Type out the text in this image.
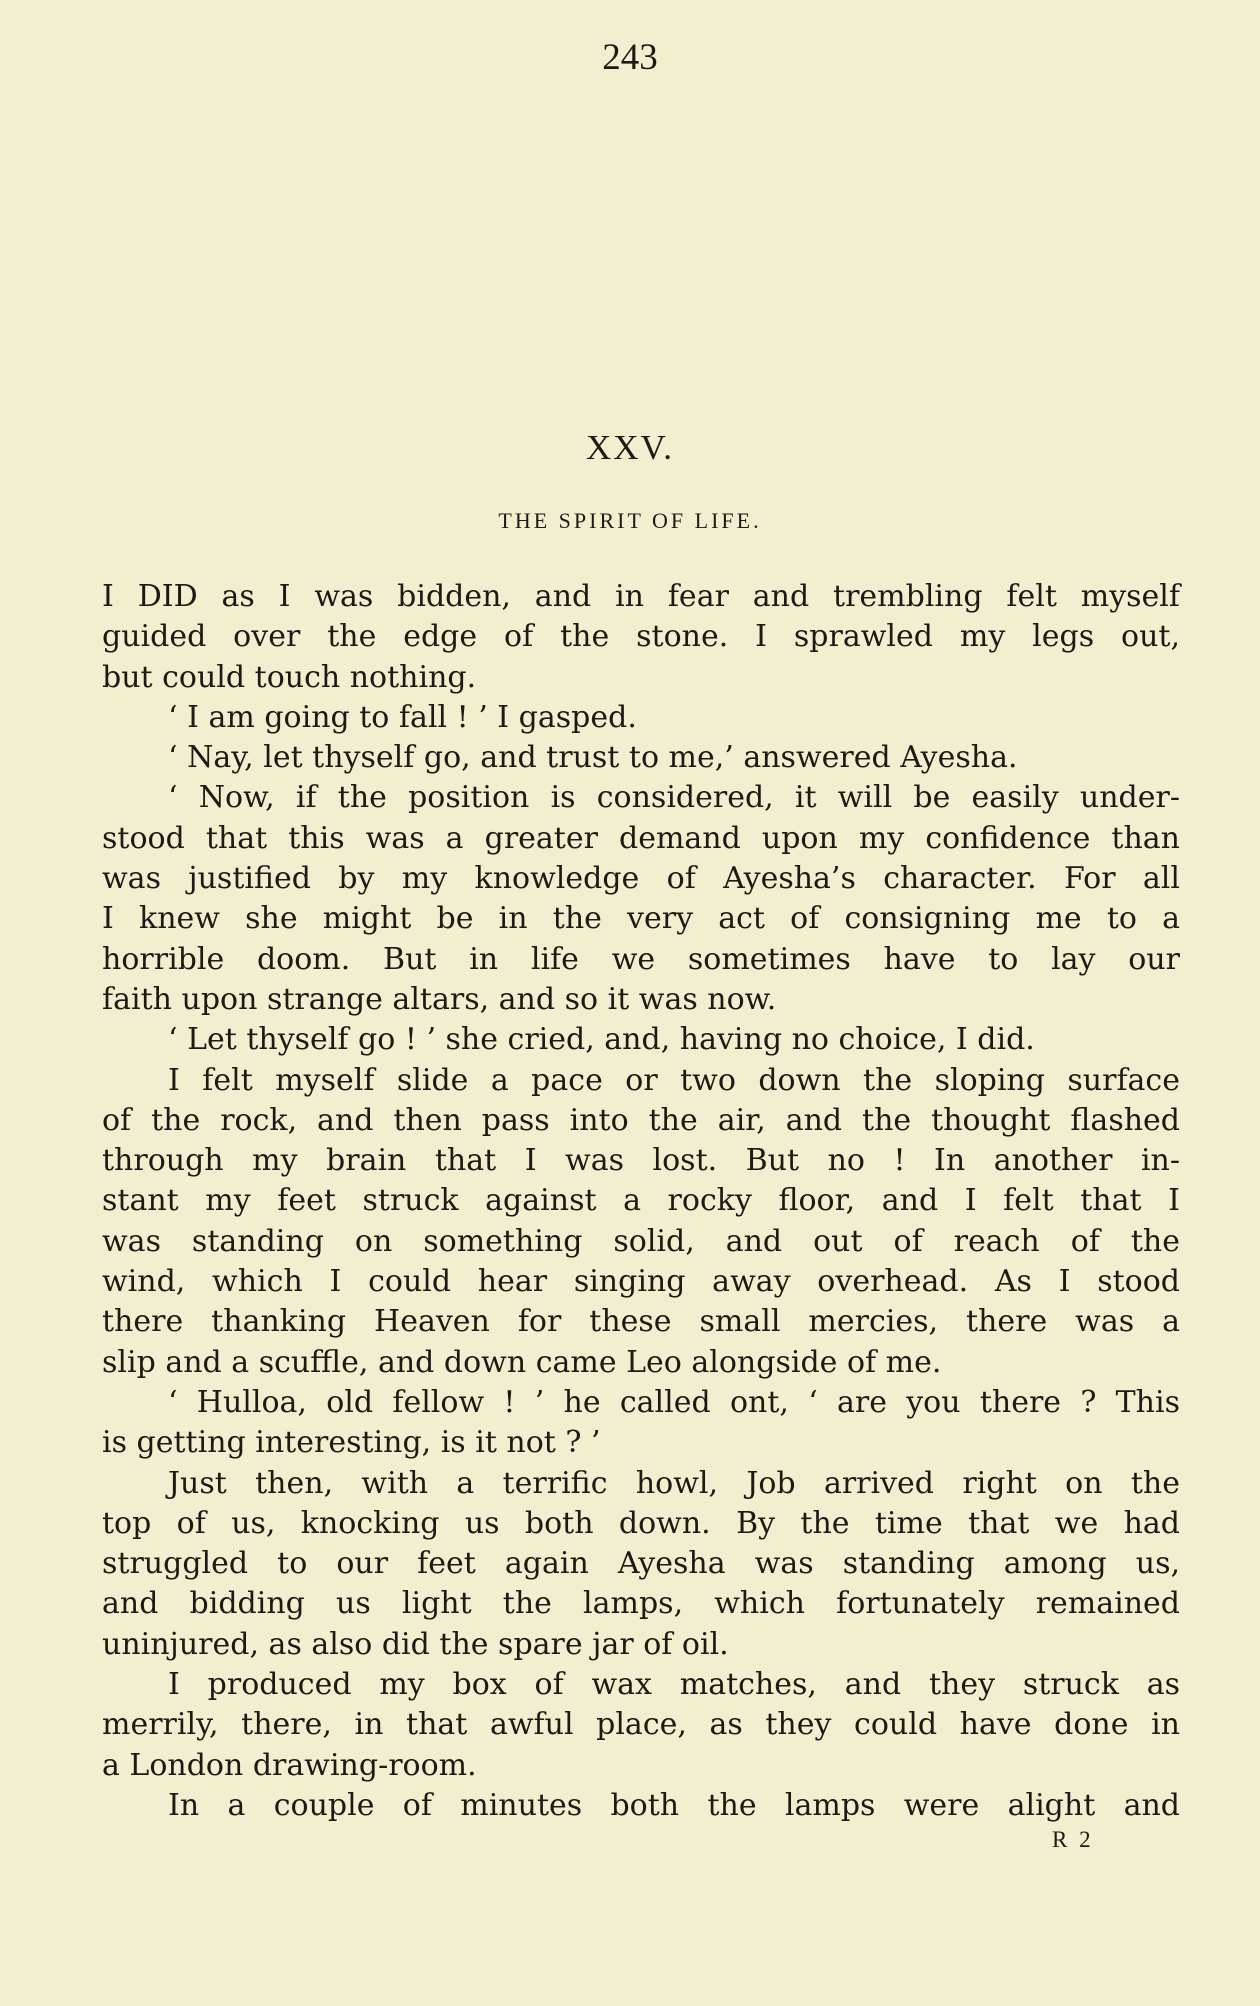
243
XXV.
THE SPIRIT OF LIFE.
I DID as I was bidden, and in fear and trembling felt myself
guided over the edge of the stone. I sprawled my legs out,
but could touch nothing.
‘ I am going to fall ! ’ I gasped.
‘ Nay, let thyself go, and trust to me,’ answered Ayesha.
‘ Now, if the position is considered, it will be easily under-
stood that this was a greater demand upon my confidence than
was justified by my knowledge of Ayesha’s character. For all
I knew she might be in the very act of consigning me to a
horrible doom. But in life we sometimes have to lay our
faith upon strange altars, and so it was now.
‘ Let thyself go ! ’ she cried, and, having no choice, I did.
I felt myself slide a pace or two down the sloping surface
of the rock, and then pass into the air, and the thought flashed
through my brain that I was lost. But no ! In another in-
stant my feet struck against a rocky floor, and I felt that I
was standing on something solid, and out of reach of the
wind, which I could hear singing away overhead. As I stood
there thanking Heaven for these small mercies, there was a
slip and a scuffle, and down came Leo alongside of me.
‘ Hulloa, old fellow ! ’ he called ont, ‘ are you there ? This
is getting interesting, is it not ? ’
Just then, with a terrific howl, Job arrived right on the
top of us, knocking us both down. By the time that we had
struggled to our feet again Ayesha was standing among us,
and bidding us light the lamps, which fortunately remained
uninjured, as also did the spare jar of oil.
I produced my box of wax matches, and they struck as
merrily, there, in that awful place, as they could have done in
a London drawing-room.
In a couple of minutes both the lamps were alight and
R 2
